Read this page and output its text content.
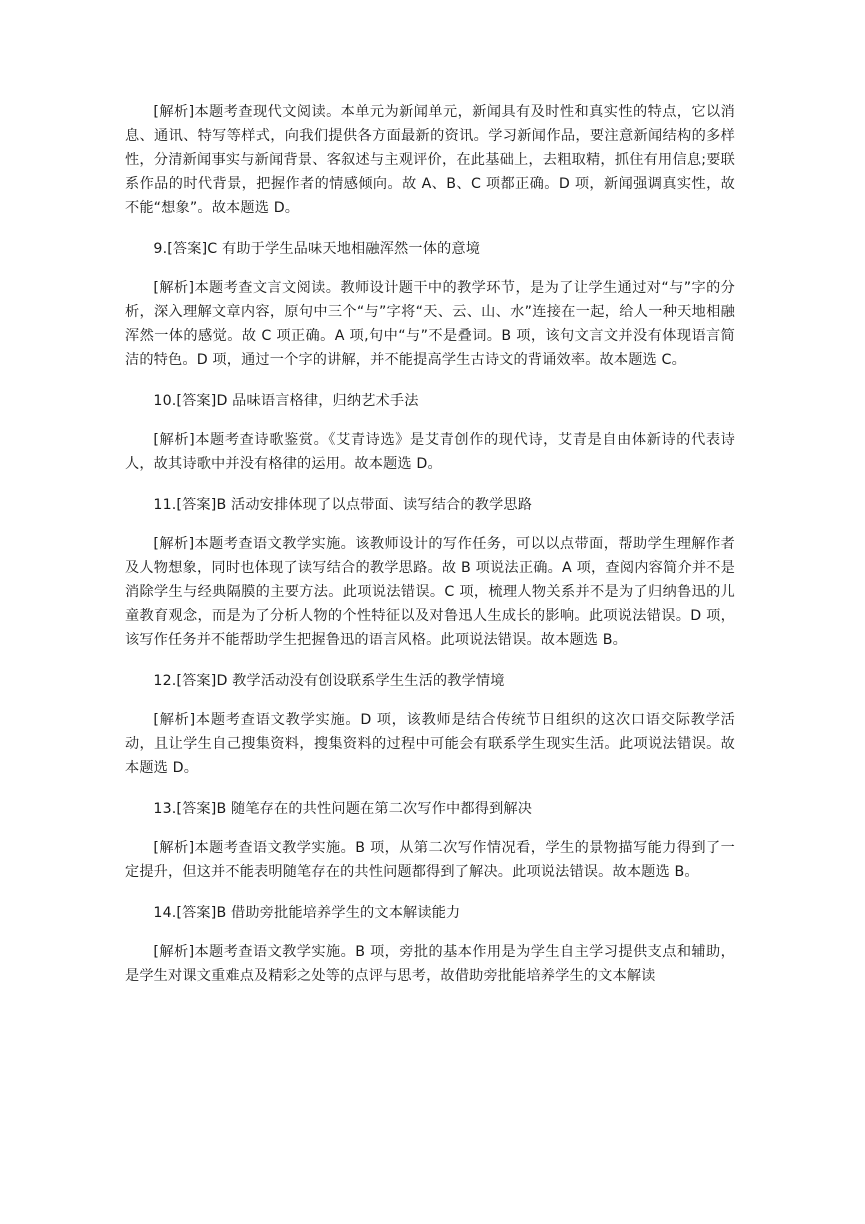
[解析]本题考查现代文阅读。本单元为新闻单元，新闻具有及时性和真实性的特点，它以消息、通讯、特写等样式，向我们提供各方面最新的资讯。学习新闻作品，要注意新闻结构的多样性，分清新闻事实与新闻背景、客叙述与主观评价，在此基础上，去粗取精，抓住有用信息;要联系作品的时代背景，把握作者的情感倾向。故 A、B、C 项都正确。D 项，新闻强调真实性，故不能“想象”。故本题选 D。

9.[答案]C 有助于学生品味天地相融浑然一体的意境

[解析]本题考查文言文阅读。教师设计题干中的教学环节，是为了让学生通过对“与”字的分析，深入理解文章内容，原句中三个“与”字将“天、云、山、水”连接在一起，给人一种天地相融浑然一体的感觉。故 C 项正确。A 项,句中“与”不是叠词。B 项，该句文言文并没有体现语言简洁的特色。D 项，通过一个字的讲解，并不能提高学生古诗文的背诵效率。故本题选 C。

10.[答案]D 品味语言格律，归纳艺术手法

[解析]本题考查诗歌鉴赏。《艾青诗选》是艾青创作的现代诗，艾青是自由体新诗的代表诗人，故其诗歌中并没有格律的运用。故本题选 D。

11.[答案]B 活动安排体现了以点带面、读写结合的教学思路

[解析]本题考查语文教学实施。该教师设计的写作任务，可以以点带面，帮助学生理解作者及人物想象，同时也体现了读写结合的教学思路。故 B 项说法正确。A 项，查阅内容简介并不是消除学生与经典隔膜的主要方法。此项说法错误。C 项，梳理人物关系并不是为了归纳鲁迅的儿童教育观念，而是为了分析人物的个性特征以及对鲁迅人生成长的影响。此项说法错误。D 项，该写作任务并不能帮助学生把握鲁迅的语言风格。此项说法错误。故本题选 B。

12.[答案]D 教学活动没有创设联系学生生活的教学情境

[解析]本题考查语文教学实施。D 项，该教师是结合传统节日组织的这次口语交际教学活动，且让学生自己搜集资料，搜集资料的过程中可能会有联系学生现实生活。此项说法错误。故本题选 D。

13.[答案]B 随笔存在的共性问题在第二次写作中都得到解决

[解析]本题考查语文教学实施。B 项，从第二次写作情况看，学生的景物描写能力得到了一定提升，但这并不能表明随笔存在的共性问题都得到了解决。此项说法错误。故本题选 B。

14.[答案]B 借助旁批能培养学生的文本解读能力

[解析]本题考查语文教学实施。B 项，旁批的基本作用是为学生自主学习提供支点和辅助，是学生对课文重难点及精彩之处等的点评与思考，故借助旁批能培养学生的文本解读
